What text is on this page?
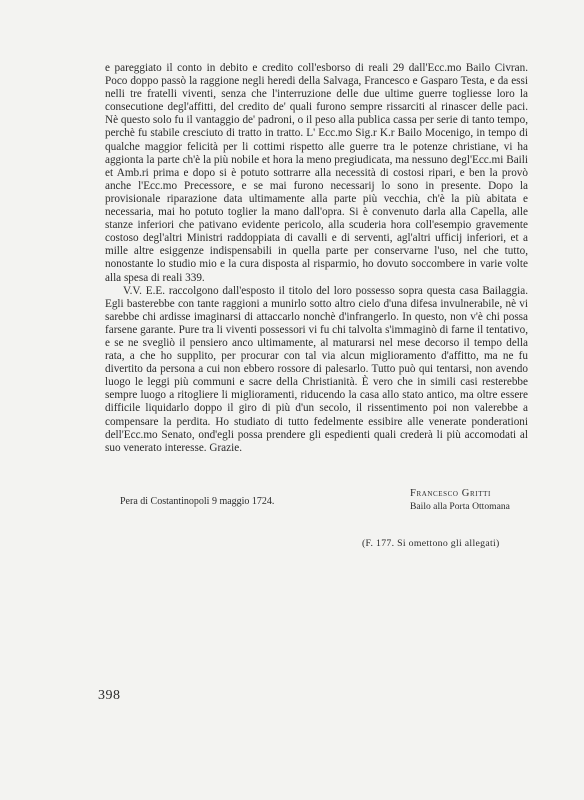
e pareggiato il conto in debito e credito coll'esborso di reali 29 dall'Ecc.mo Bailo Civran. Poco doppo passò la raggione negli heredi della Salvaga, Francesco e Gasparo Testa, e da essi nelli tre fratelli viventi, senza che l'interruzione delle due ultime guerre togliesse loro la consecutione degl'affitti, del credito de' quali furono sempre rissarciti al rinascer delle paci. Nè questo solo fu il vantaggio de' padroni, o il peso alla publica cassa per serie di tanto tempo, perchè fu stabile cresciuto di tratto in tratto. L' Ecc.mo Sig.r K.r Bailo Mocenigo, in tempo di qualche maggior felicità per li cottimi rispetto alle guerre tra le potenze christiane, vi ha aggionta la parte ch'è la più nobile et hora la meno pregiudicata, ma nessuno degl'Ecc.mi Baili et Amb.ri prima e dopo si è potuto sottrarre alla necessità di costosi ripari, e ben la provò anche l'Ecc.mo Precessore, e se mai furono necessarij lo sono in presente. Dopo la provisionale riparazione data ultimamente alla parte più vecchia, ch'è la più abitata e necessaria, mai ho potuto toglier la mano dall'opra. Si è convenuto darla alla Capella, alle stanze inferiori che pativano evidente pericolo, alla scuderia hora coll'esempio gravemente costoso degl'altri Ministri raddoppiata di cavalli e di serventi, agl'altri ufficij inferiori, et a mille altre esiggenze indispensabili in quella parte per conservarne l'uso, nel che tutto, nonostante lo studio mio e la cura disposta al risparmio, ho dovuto soccombere in varie volte alla spesa di reali 339.

V.V. E.E. raccolgono dall'esposto il titolo del loro possesso sopra questa casa Bailaggia. Egli basterebbe con tante raggioni a munirlo sotto altro cielo d'una difesa invulnerabile, nè vi sarebbe chi ardisse imaginarsi di attaccarlo nonchè d'infrangerlo. In questo, non v'è chi possa farsene garante. Pure tra li viventi possessori vi fu chi talvolta s'immaginò di farne il tentativo, e se ne svegliò il pensiero anco ultimamente, al maturarsi nel mese decorso il tempo della rata, a che ho supplito, per procurar con tal via alcun miglioramento d'affitto, ma ne fu divertito da persona a cui non ebbero rossore di palesarlo. Tutto può qui tentarsi, non avendo luogo le leggi più communi e sacre della Christianità. È vero che in simili casi resterebbe sempre luogo a ritogliere li miglioramenti, riducendo la casa allo stato antico, ma oltre essere difficile liquidarlo doppo il giro di più d'un secolo, il rissentimento poi non valerebbe a compensare la perdita. Ho studiato di tutto fedelmente essibire alle venerate ponderationi dell'Ecc.mo Senato, ond'egli possa prendere gli espedienti quali crederà li più accomodati al suo venerato interesse. Grazie.

Pera di Costantinopoli 9 maggio 1724.
Francesco Gritti
Bailo alla Porta Ottomana
(F. 177. Si omettono gli allegati)
398
